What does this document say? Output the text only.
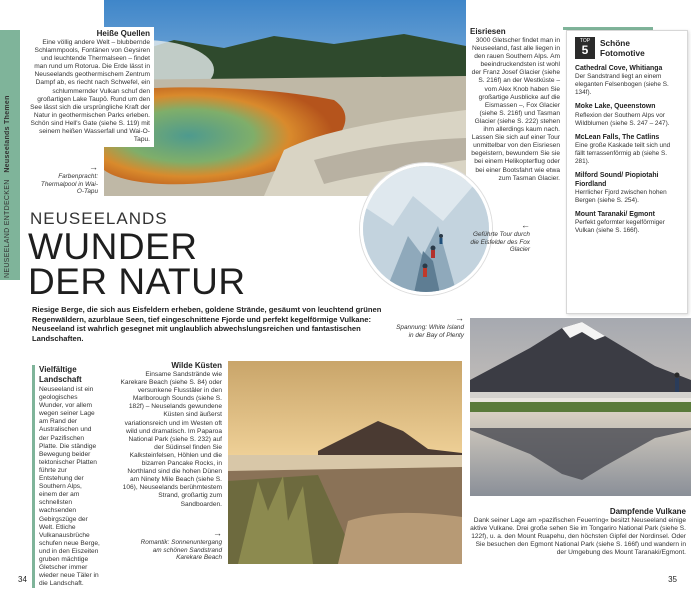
NEUSEELAND ENTDECKEN   Neuseelands Themen
Heiße Quellen

Eine völlig andere Welt – blubbernde Schlammpools, Fontänen von Geysiren und leuchtende Thermalseen – findet man rund um Rotorua. Die Erde lässt in Neuseelands geothermischem Zentrum Dampf ab, es riecht nach Schwefel, ein schlummernder Vulkan schuf den großartigen Lake Taupō. Rund um den See lässt sich die ursprüngliche Kraft der Natur in geothermischen Parks erleben. Schön sind Hell's Gate (siehe S. 119) mit seinem heißen Wasserfall und Wai-O-Tapu.

→
Farbenpracht: Thermalpool in Wai-O-Tapu
Eisriesen

3000 Gletscher findet man in Neuseeland, fast alle liegen in den rauen Southern Alps. Am beeindruckendsten ist wohl der Franz Josef Glacier (siehe S. 216f) an der Westküste – vom Alex Knob haben Sie großartige Ausblicke auf die Eismassen –, Fox Glacier (siehe S. 216f) und Tasman Glacier (siehe S. 222) stehen ihm allerdings kaum nach. Lassen Sie sich auf einer Tour unmittelbar von den Eisriesen begeistern, bewundern Sie sie bei einem Helikopterflug oder bei einer Bootsfahrt wie etwa zum Tasman Glacier.

←
Geführte Tour durch die Eisfelder des Fox Glacier
TOP
5	Schöne Fotomotive
Cathedral Cove, Whitianga

Der Sandstrand liegt an einem eleganten Felsenbogen (siehe S. 134f).

Moke Lake, Queenstown

Reflexion der Southern Alps vor Wildblumen (siehe S. 247 – 247).

McLean Falls, The Catlins

Eine große Kaskade teilt sich und fällt terrassenförmig ab (siehe S. 281).

Milford Sound/ Piopiotahi Fiordland

Herrlicher Fjord zwischen hohen Bergen (siehe S. 254).

Mount Taranaki/ Egmont

Perfekt geformter kegelförmiger Vulkan (siehe S. 166f).

NEUSEELANDS
WUNDER
DER NATUR
Riesige Berge, die sich aus Eisfeldern erheben, goldene Strände, gesäumt von leuchtend grünen Regenwäldern, azurblaue Seen, tief eingeschnittene Fjorde und perfekt kegelförmige Vulkane: Neuseeland ist wahrlich gesegnet mit unglaublich abwechslungsreichen und fantastischen Landschaften.
→
Spannung: White Island in der Bay of Plenty
Vielfältige Landschaft

Neuseeland ist ein geologisches Wunder, vor allem wegen seiner Lage am Rand der Australischen und der Pazifischen Platte. Die ständige Bewegung beider tektonischer Platten führte zur Entstehung der Southern Alps, einem der am schnellsten wachsenden Gebirgszüge der Welt. Etliche Vulkanausbrüche schufen neue Berge, und in den Eiszeiten gruben mächtige Gletscher immer wieder neue Täler in die Landschaft.

Wilde Küsten

Einsame Sandstrände wie Karekare Beach (siehe S. 84) oder versunkene Flusstäler in den Marlborough Sounds (siehe S. 182f) – Neuselands gewundene Küsten sind äußerst variationsreich und im Westen oft wild und dramatisch. Im Paparoa National Park (siehe S. 232) auf der Südinsel finden Sie Kalksteinfelsen, Höhlen und die bizarren Pancake Rocks, in Northland sind die hohen Dünen am Ninety Mile Beach (siehe S. 106), Neuseelands berühmtestem Strand, großartig zum Sandboarden.

→
Romantik: Sonnenuntergang am schönen Sandstrand Karekare Beach
Dampfende Vulkane

Dank seiner Lage am »pazifischen Feuerring« besitzt Neuseeland einige aktive Vulkane. Drei große sehen Sie im Tongariro National Park (siehe S. 122f), u. a. den Mount Ruapehu, den höchsten Gipfel der Nordinsel. Oder Sie besuchen den Egmont National Park (siehe S. 166f) und wandern in der Umgebung des Mount Taranaki/Egmont.

34	35
